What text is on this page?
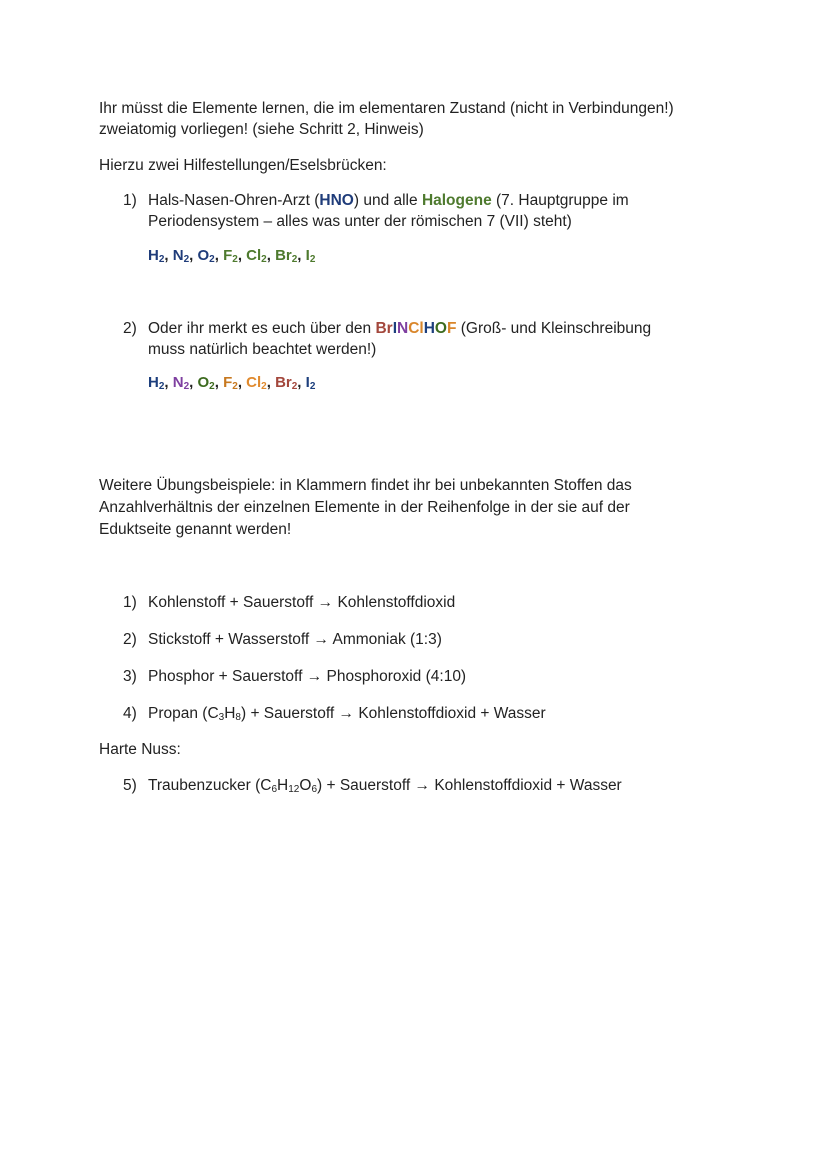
Ihr müsst die Elemente lernen, die im elementaren Zustand (nicht in Verbindungen!)

zweiatomig vorliegen! (siehe Schritt 2, Hinweis)

Hierzu zwei Hilfestellungen/Eselsbrücken:

1) Hals-Nasen-Ohren-Arzt (HNO) und alle Halogene (7. Hauptgruppe im
Periodensystem – alles was unter der römischen 7 (VII) steht)
$H_2$, $N_2$, $O_2$, $F_2$, $Cl_2$, $Br_2$, $I_2$
2) Oder ihr merkt es euch über den BrINClHOF (Groß- und Kleinschreibung
muss natürlich beachtet werden!)
$H_2$, $N_2$, $O_2$, $F_2$, $Cl_2$, $Br_2$, $I_2$

Weitere Übungsbeispiele: in Klammern findet ihr bei unbekannten Stoffen das

Anzahlverhältnis der einzelnen Elemente in der Reihenfolge in der sie auf der

Eduktseite genannt werden!

1) Kohlenstoff + Sauerstoff → Kohlenstoffdioxid
2) Stickstoff + Wasserstoff → Ammoniak (1:3)
3) Phosphor + Sauerstoff → Phosphoroxid (4:10)
4) Propan (C3H8) + Sauerstoff → Kohlenstoffdioxid + Wasser

Harte Nuss:

5) Traubenzucker (C6H12O6) + Sauerstoff → Kohlenstoffdioxid + Wasser
